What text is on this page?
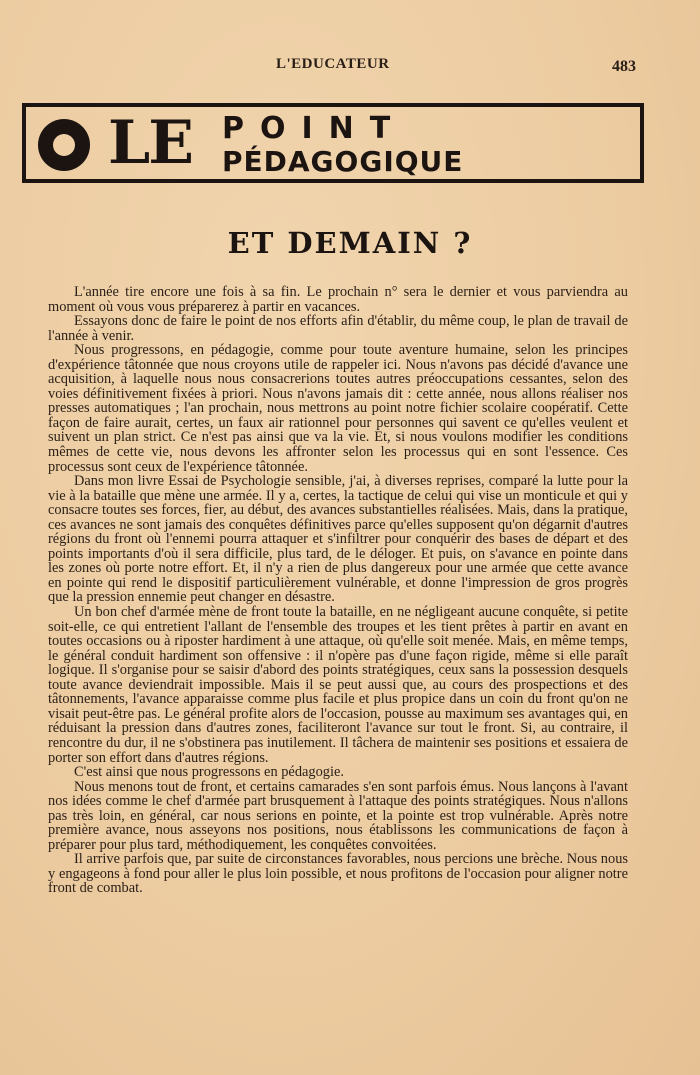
L'EDUCATEUR	483
LE POINT
PÉDAGOGIQUE
ET DEMAIN ?

L'année tire encore une fois à sa fin. Le prochain n° sera le dernier et vous parviendra au moment où vous vous préparerez à partir en vacances.

Essayons donc de faire le point de nos efforts afin d'établir, du même coup, le plan de travail de l'année à venir.

Nous progressons, en pédagogie, comme pour toute aventure humaine, selon les principes d'expérience tâtonnée que nous croyons utile de rappeler ici. Nous n'avons pas décidé d'avance une acquisition, à laquelle nous nous consacrerions toutes autres préoccupations cessantes, selon des voies définitivement fixées à priori. Nous n'avons jamais dit : cette année, nous allons réaliser nos presses automatiques ; l'an prochain, nous mettrons au point notre fichier scolaire coopératif. Cette façon de faire aurait, certes, un faux air rationnel pour personnes qui savent ce qu'elles veulent et suivent un plan strict. Ce n'est pas ainsi que va la vie. Et, si nous voulons modifier les conditions mêmes de cette vie, nous devons les affronter selon les processus qui en sont l'essence. Ces processus sont ceux de l'expérience tâtonnée.

Dans mon livre Essai de Psychologie sensible, j'ai, à diverses reprises, comparé la lutte pour la vie à la bataille que mène une armée. Il y a, certes, la tactique de celui qui vise un monticule et qui y consacre toutes ses forces, fier, au début, des avances substantielles réalisées. Mais, dans la pratique, ces avances ne sont jamais des conquêtes définitives parce qu'elles supposent qu'on dégarnit d'autres régions du front où l'ennemi pourra attaquer et s'infiltrer pour conquérir des bases de départ et des points importants d'où il sera difficile, plus tard, de le déloger. Et puis, on s'avance en pointe dans les zones où porte notre effort. Et, il n'y a rien de plus dangereux pour une armée que cette avance en pointe qui rend le dispositif particulièrement vulnérable, et donne l'impression de gros progrès que la pression ennemie peut changer en désastre.

Un bon chef d'armée mène de front toute la bataille, en ne négligeant aucune conquête, si petite soit-elle, ce qui entretient l'allant de l'ensemble des troupes et les tient prêtes à partir en avant en toutes occasions ou à riposter hardiment à une attaque, où qu'elle soit menée. Mais, en même temps, le général conduit hardiment son offensive : il n'opère pas d'une façon rigide, même si elle paraît logique. Il s'organise pour se saisir d'abord des points stratégiques, ceux sans la possession desquels toute avance deviendrait impossible. Mais il se peut aussi que, au cours des prospections et des tâtonnements, l'avance apparaisse comme plus facile et plus propice dans un coin du front qu'on ne visait peut-être pas. Le général profite alors de l'occasion, pousse au maximum ses avantages qui, en réduisant la pression dans d'autres zones, faciliteront l'avance sur tout le front. Si, au contraire, il rencontre du dur, il ne s'obstinera pas inutilement. Il tâchera de maintenir ses positions et essaiera de porter son effort dans d'autres régions.

C'est ainsi que nous progressons en pédagogie.

Nous menons tout de front, et certains camarades s'en sont parfois émus. Nous lançons à l'avant nos idées comme le chef d'armée part brusquement à l'attaque des points stratégiques. Nous n'allons pas très loin, en général, car nous serions en pointe, et la pointe est trop vulnérable. Après notre première avance, nous asseyons nos positions, nous établissons les communications de façon à préparer pour plus tard, méthodiquement, les conquêtes convoitées.

Il arrive parfois que, par suite de circonstances favorables, nous percions une brèche. Nous nous y engageons à fond pour aller le plus loin possible, et nous profitons de l'occasion pour aligner notre front de combat.
